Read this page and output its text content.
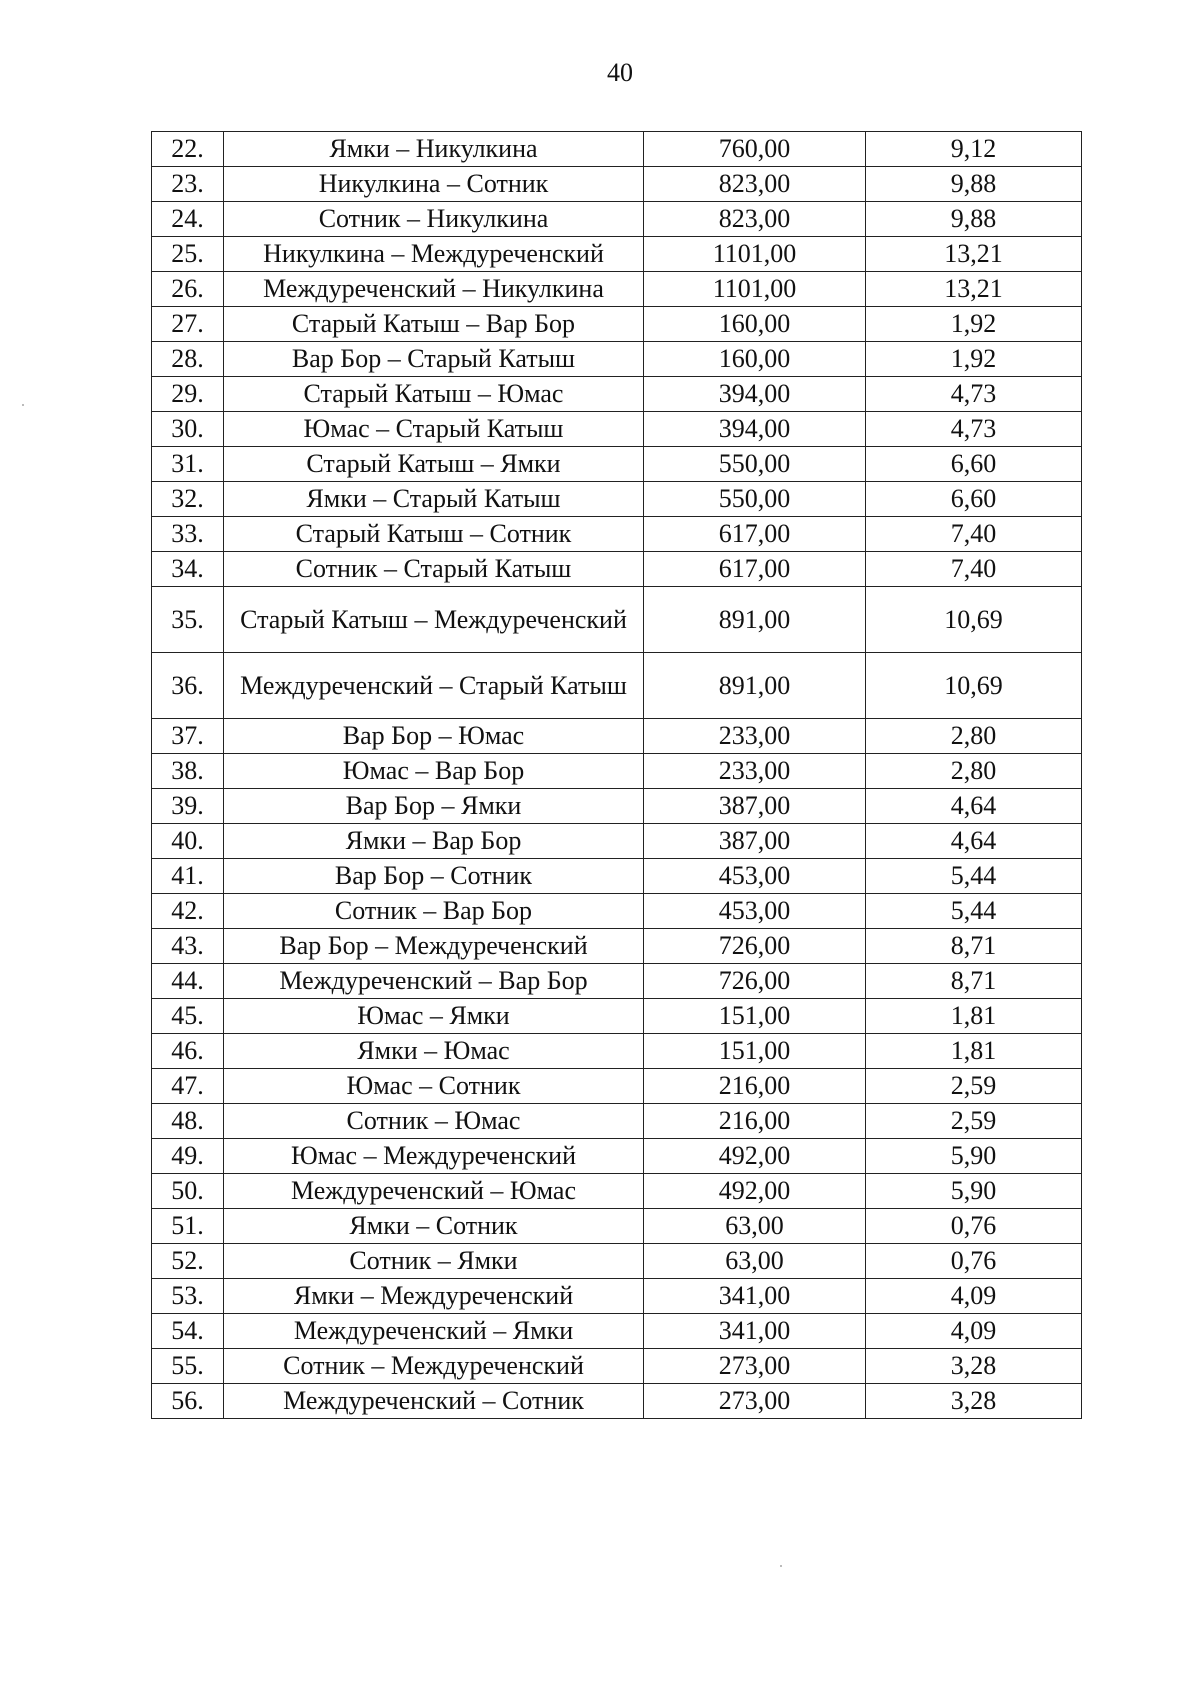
40
22.	Ямки – Никулкина	760,00	9,12
23.	Никулкина – Сотник	823,00	9,88
24.	Сотник – Никулкина	823,00	9,88
25.	Никулкина – Междуреченский	1101,00	13,21
26.	Междуреченский – Никулкина	1101,00	13,21
27.	Старый Катыш – Вар Бор	160,00	1,92
28.	Вар Бор – Старый Катыш	160,00	1,92
29.	Старый Катыш – Юмас	394,00	4,73
30.	Юмас – Старый Катыш	394,00	4,73
31.	Старый Катыш – Ямки	550,00	6,60
32.	Ямки – Старый Катыш	550,00	6,60
33.	Старый Катыш – Сотник	617,00	7,40
34.	Сотник – Старый Катыш	617,00	7,40
35.	Старый Катыш – Междуреченский	891,00	10,69
36.	Междуреченский – Старый Катыш	891,00	10,69
37.	Вар Бор – Юмас	233,00	2,80
38.	Юмас – Вар Бор	233,00	2,80
39.	Вар Бор – Ямки	387,00	4,64
40.	Ямки – Вар Бор	387,00	4,64
41.	Вар Бор – Сотник	453,00	5,44
42.	Сотник – Вар Бор	453,00	5,44
43.	Вар Бор – Междуреченский	726,00	8,71
44.	Междуреченский – Вар Бор	726,00	8,71
45.	Юмас – Ямки	151,00	1,81
46.	Ямки – Юмас	151,00	1,81
47.	Юмас – Сотник	216,00	2,59
48.	Сотник – Юмас	216,00	2,59
49.	Юмас – Междуреченский	492,00	5,90
50.	Междуреченский – Юмас	492,00	5,90
51.	Ямки – Сотник	63,00	0,76
52.	Сотник – Ямки	63,00	0,76
53.	Ямки – Междуреченский	341,00	4,09
54.	Междуреченский – Ямки	341,00	4,09
55.	Сотник – Междуреченский	273,00	3,28
56.	Междуреченский – Сотник	273,00	3,28
